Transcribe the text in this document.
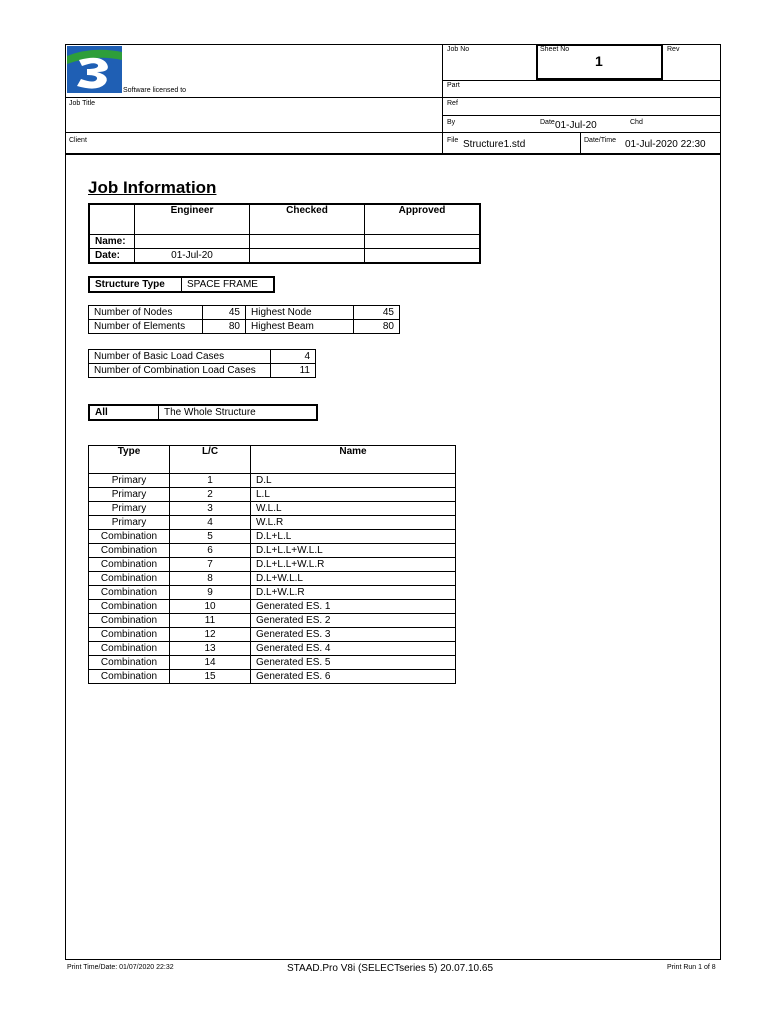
Software licensed to
Job No	Sheet No
1
Rev
Part
Job Title	Ref
By	Date 01-Jul-20	Chd
Client	File Structure1.std	Date/Time 01-Jul-2020 22:30
Job Information
	Engineer	Checked	Approved
Name:			
Date:	01-Jul-20		
Structure Type	SPACE FRAME
Number of Nodes	45	Highest Node	45
Number of Elements	80	Highest Beam	80
Number of Basic Load Cases	4
Number of Combination Load Cases	11
All	The Whole Structure
Type	L/C	Name
Primary	1	D.L
Primary	2	L.L
Primary	3	W.L.L
Primary	4	W.L.R
Combination	5	D.L+L.L
Combination	6	D.L+L.L+W.L.L
Combination	7	D.L+L.L+W.L.R
Combination	8	D.L+W.L.L
Combination	9	D.L+W.L.R
Combination	10	Generated ES. 1
Combination	11	Generated ES. 2
Combination	12	Generated ES. 3
Combination	13	Generated ES. 4
Combination	14	Generated ES. 5
Combination	15	Generated ES. 6
Print Time/Date: 01/07/2020 22:32	STAAD.Pro V8i (SELECTseries 5) 20.07.10.65	Print Run 1 of 8
